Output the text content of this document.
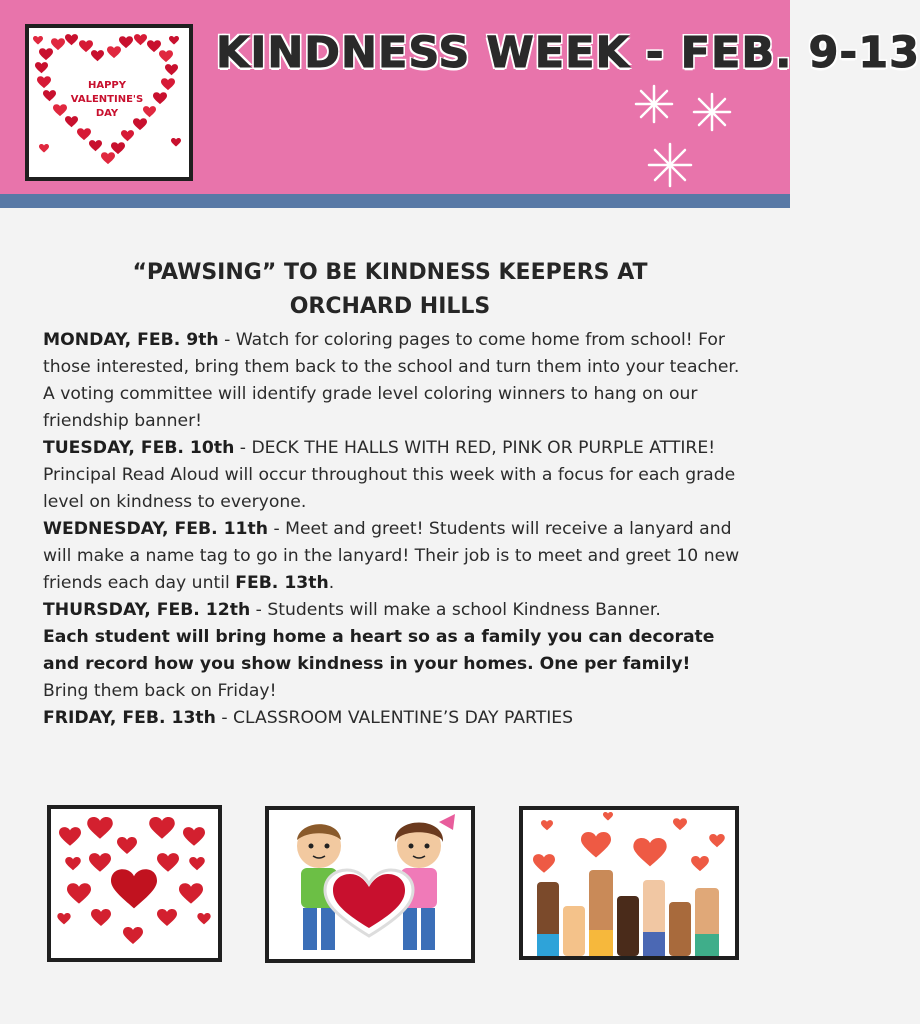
HAPPY
VALENTINE'S
DAY
KINDNESS WEEK - FEB. 9-13
“PAWSING” TO BE KINDNESS KEEPERS AT
ORCHARD HILLS

MONDAY, FEB. 9th - Watch for coloring pages to come home from school! For those interested, bring them back to the school and turn them into your teacher. A voting committee will identify grade level coloring winners to hang on our friendship banner!

TUESDAY, FEB. 10th - DECK THE HALLS WITH RED, PINK OR PURPLE ATTIRE!

Principal Read Aloud will occur throughout this week with a focus for each grade level on kindness to everyone.

WEDNESDAY, FEB. 11th - Meet and greet! Students will receive a lanyard and will make a name tag to go in the lanyard! Their job is to meet and greet 10 new friends each day until FEB. 13th.

THURSDAY, FEB. 12th - Students will make a school Kindness Banner.

Each student will bring home a heart so as a family you can decorate and record how you show kindness in your homes. One per family!

Bring them back on Friday!

FRIDAY, FEB. 13th - CLASSROOM VALENTINE’S DAY PARTIES
